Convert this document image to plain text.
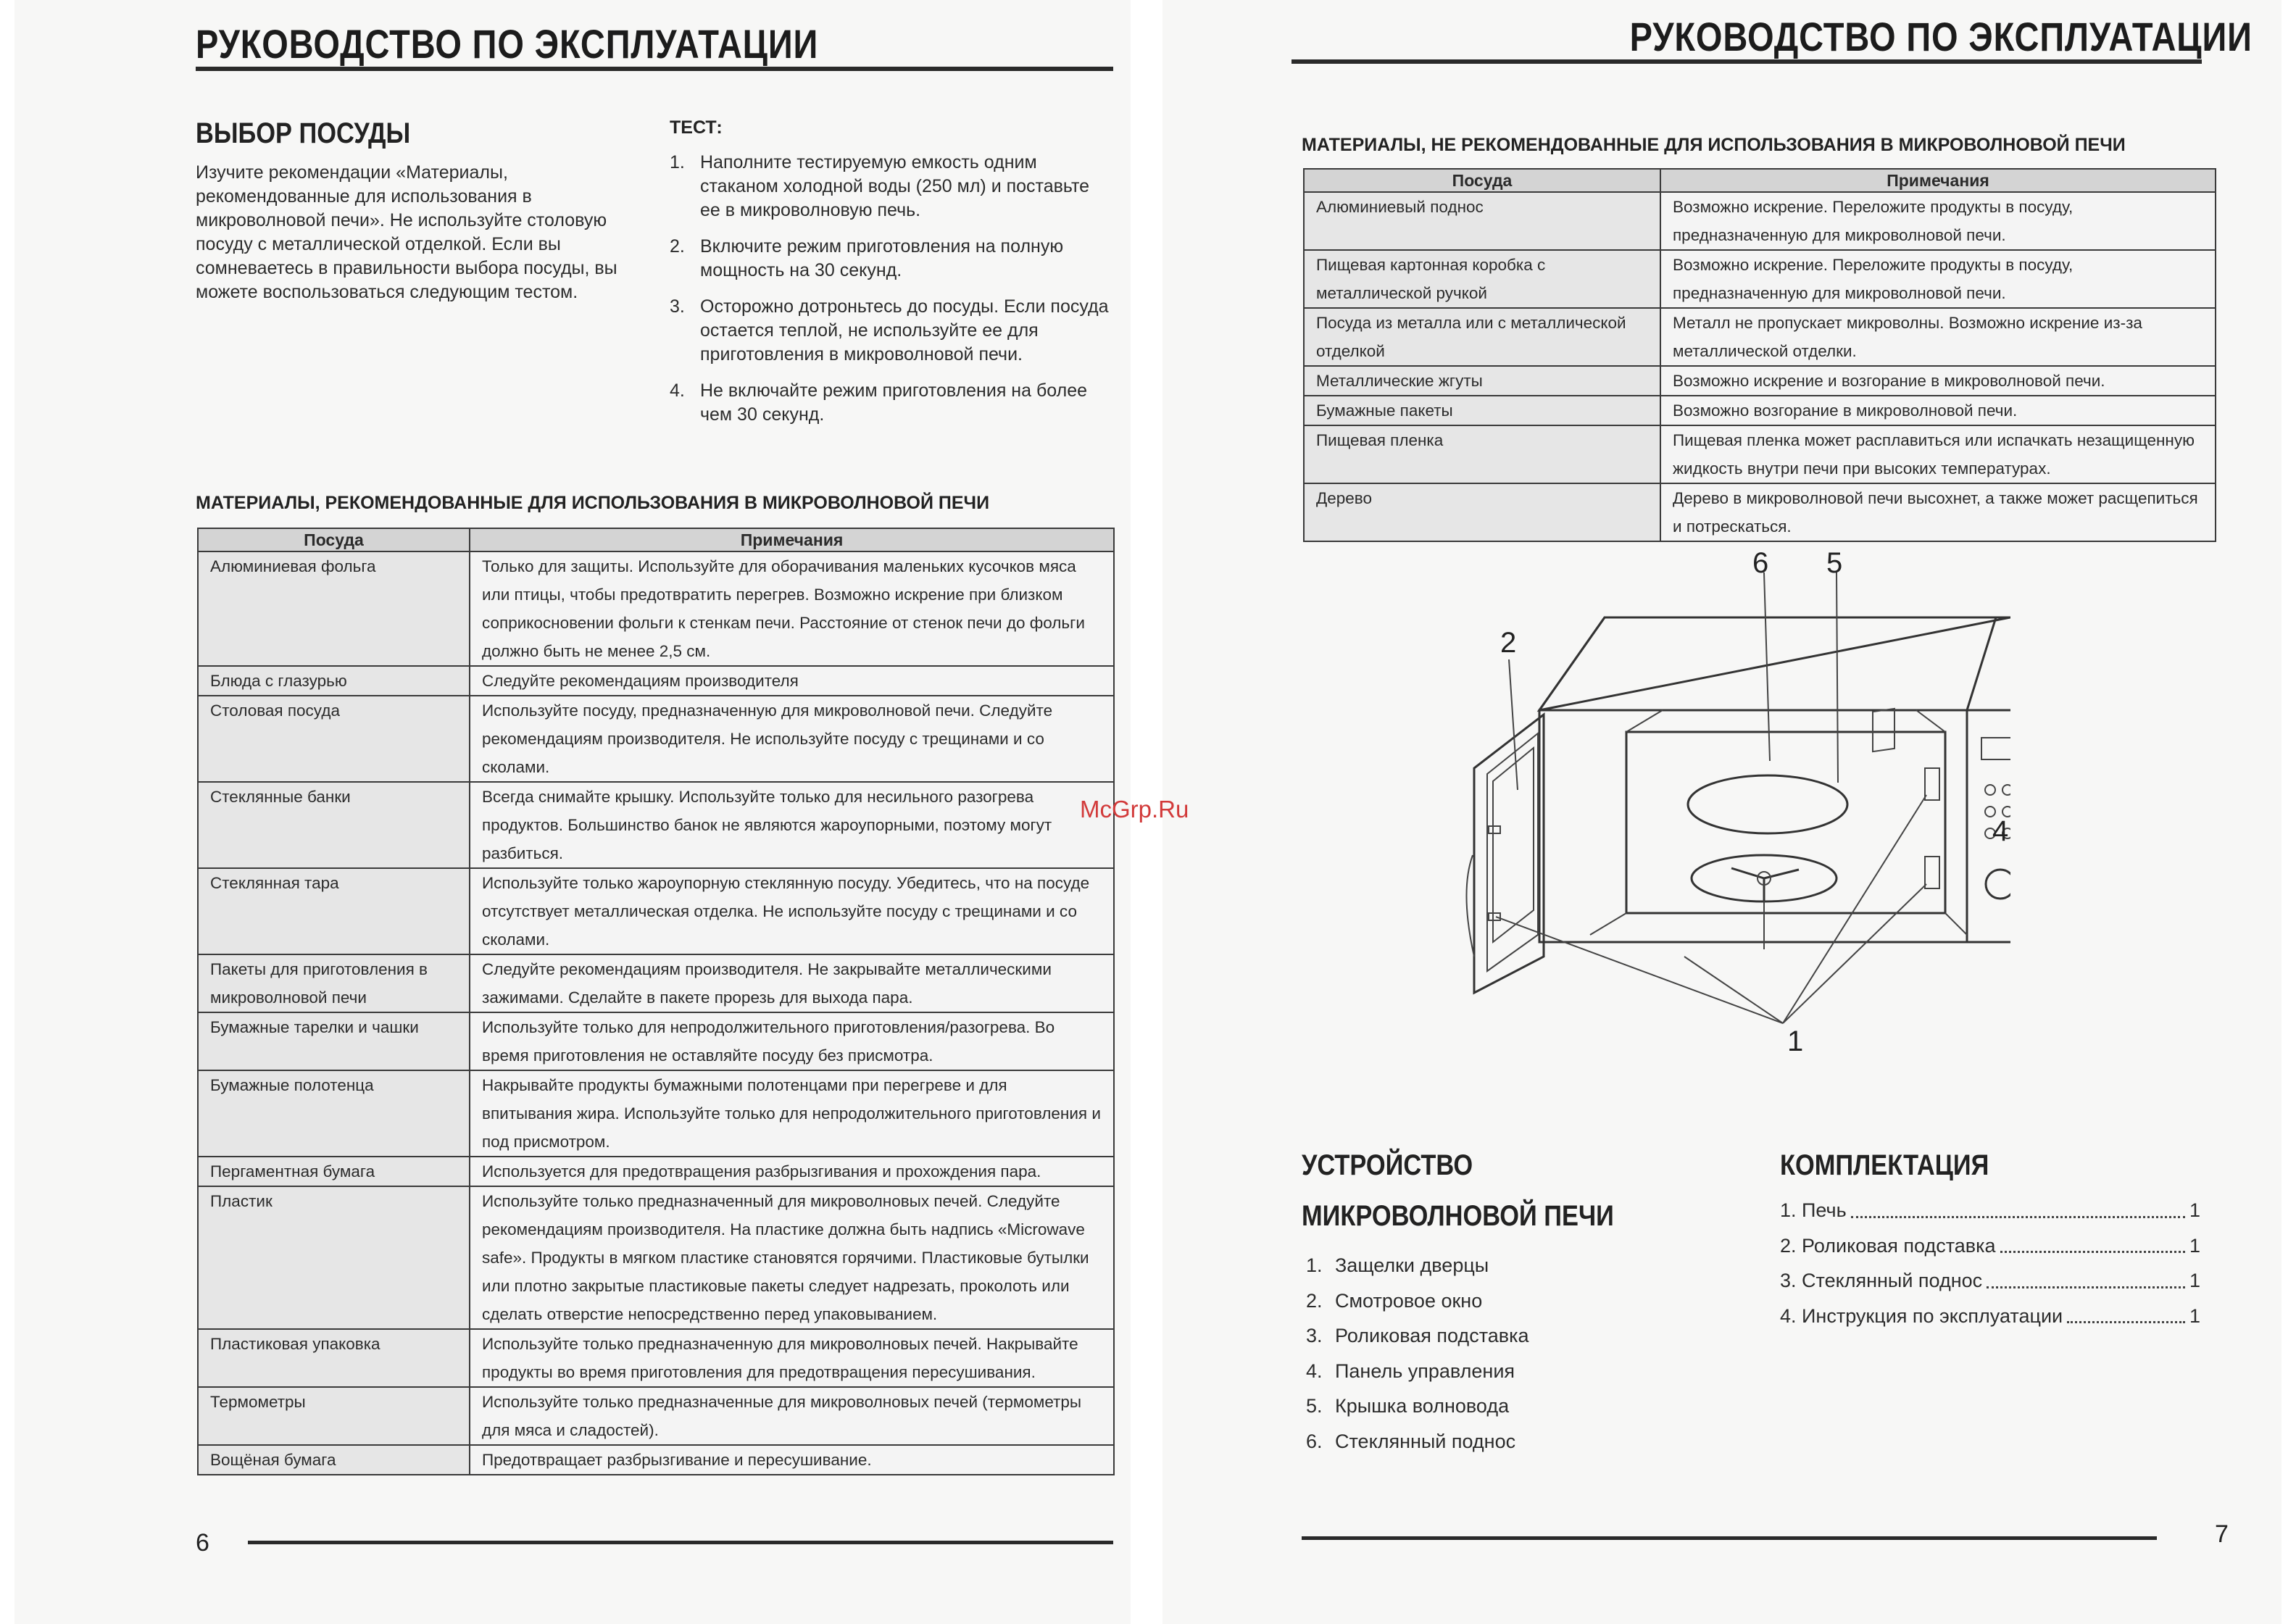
РУКОВОДСТВО ПО ЭКСПЛУАТАЦИИ
ВЫБОР ПОСУДЫ

Изучите рекомендации «Материалы, рекомендованные для использования в микроволновой печи». Не используйте столовую посуду с металлической отделкой. Если вы сомневаетесь в правильности выбора посуды, вы можете воспользоваться следующим тестом.

ТЕСТ:
1. Наполните тестируемую емкость одним стаканом холодной воды (250 мл) и поставьте ее в микроволновую печь.
2. Включите режим приготовления на полную мощность на 30 секунд.
3. Осторожно дотроньтесь до посуды. Если посуда остается теплой, не используйте ее для приготовления в микроволновой печи.
4. Не включайте режим приготовления на более чем 30 секунд.
МАТЕРИАЛЫ, РЕКОМЕНДОВАННЫЕ ДЛЯ ИСПОЛЬЗОВАНИЯ В МИКРОВОЛНОВОЙ ПЕЧИ
Посуда	Примечания
Алюминиевая фольга	Только для защиты. Используйте для оборачивания маленьких кусочков мяса или птицы, чтобы предотвратить перегрев. Возможно искрение при близком соприкосновении фольги к стенкам печи. Расстояние от стенок печи до фольги должно быть не менее 2,5 см.
Блюда с глазурью	Следуйте рекомендациям производителя
Столовая посуда	Используйте посуду, предназначенную для микроволновой печи. Следуйте рекомендациям производителя. Не используйте посуду с трещинами и со сколами.
Стеклянные банки	Всегда снимайте крышку. Используйте только для несильного разогрева продуктов. Большинство банок не являются жароупорными, поэтому могут разбиться.
Стеклянная тара	Используйте только жароупорную стеклянную посуду. Убедитесь, что на посуде отсутствует металлическая отделка. Не используйте посуду с трещинами и со сколами.
Пакеты для приготовления в микроволновой печи	Следуйте рекомендациям производителя. Не закрывайте металлическими зажимами. Сделайте в пакете прорезь для выхода пара.
Бумажные тарелки и чашки	Используйте только для непродолжительного приготовления/разогрева. Во время приготовления не оставляйте посуду без присмотра.
Бумажные полотенца	Накрывайте продукты бумажными полотенцами при перегреве и для впитывания жира. Используйте только для непродолжительного приготовления и под присмотром.
Пергаментная бумага	Используется для предотвращения разбрызгивания и прохождения пара.
Пластик	Используйте только предназначенный для микроволновых печей. Следуйте рекомендациям производителя. На пластике должна быть надпись «Microwave safe». Продукты в мягком пластике становятся горячими. Пластиковые бутылки или плотно закрытые пластиковые пакеты следует надрезать, проколоть или сделать отверстие непосредственно перед упаковыванием.
Пластиковая упаковка	Используйте только предназначенную для микроволновых печей. Накрывайте продукты во время приготовления для предотвращения пересушивания.
Термометры	Используйте только предназначенные для микроволновых печей (термометры для мяса и сладостей).
Вощёная бумага	Предотвращает разбрызгивание и пересушивание.

6

РУКОВОДСТВО ПО ЭКСПЛУАТАЦИИ
МАТЕРИАЛЫ, НЕ РЕКОМЕНДОВАННЫЕ ДЛЯ ИСПОЛЬЗОВАНИЯ В МИКРОВОЛНОВОЙ ПЕЧИ
Посуда	Примечания
Алюминиевый поднос	Возможно искрение. Переложите продукты в посуду, предназначенную для микроволновой печи.
Пищевая картонная коробка с металлической ручкой	Возможно искрение. Переложите продукты в посуду, предназначенную для микроволновой печи.
Посуда из металла или с металлической отделкой	Металл не пропускает микроволны. Возможно искрение из-за металлической отделки.
Металлические жгуты	Возможно искрение и возгорание в микроволновой печи.
Бумажные пакеты	Возможно возгорание в микроволновой печи.
Пищевая пленка	Пищевая пленка может расплавиться или испачкать незащищенную жидкость внутри печи при высоких температурах.
Дерево	Дерево в микроволновой печи высохнет, а также может расщепиться и потрескаться.
2
6 5
4
1
УСТРОЙСТВО
МИКРОВОЛНОВОЙ ПЕЧИ
1. Защелки дверцы
2. Смотровое окно
3. Роликовая подставка
4. Панель управления
5. Крышка волновода
6. Стеклянный поднос
КОМПЛЕКТАЦИЯ
1. Печь	1
2. Роликовая подставка	1
3. Стеклянный поднос	1
4. Инструкция по эксплуатации	1

7

McGrp.Ru
